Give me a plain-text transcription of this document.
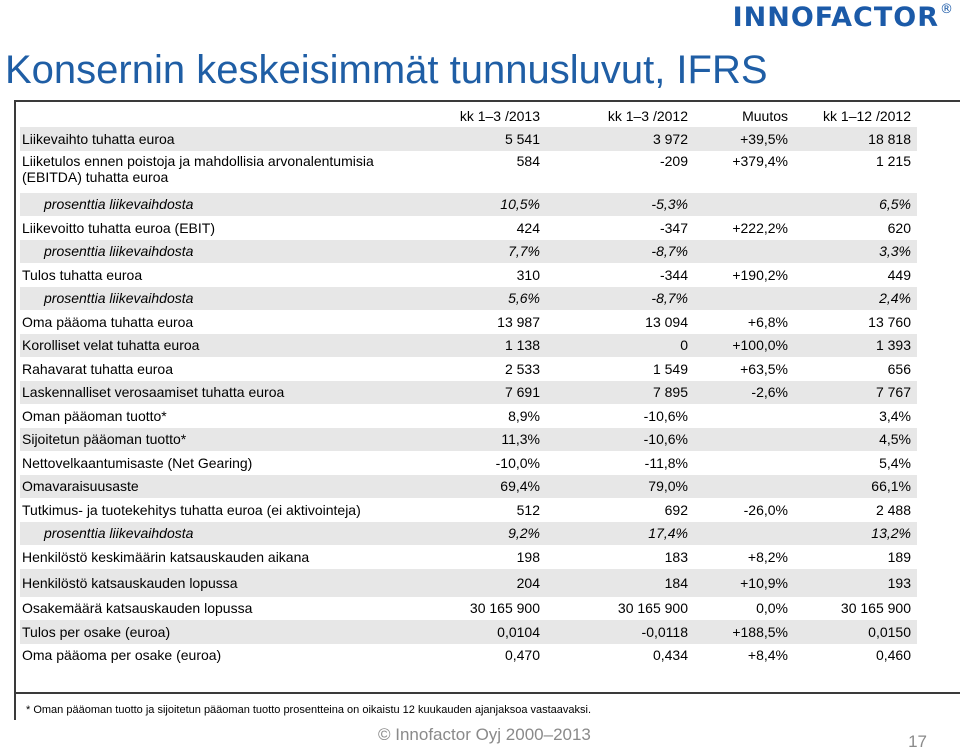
INNOFACTOR ®
Konsernin keskeisimmät tunnusluvut, IFRS
	kk 1–3 /2013	kk 1–3 /2012	Muutos	kk 1–12 /2012
Liikevaihto tuhatta euroa	5 541	3 972	+39,5%	18 818
Liiketulos ennen poistoja ja mahdollisia arvonalentumisia (EBITDA) tuhatta euroa	584	-209	+379,4%	1 215
prosenttia liikevaihdosta	10,5%	-5,3%		6,5%
Liikevoitto tuhatta euroa (EBIT)	424	-347	+222,2%	620
prosenttia liikevaihdosta	7,7%	-8,7%		3,3%
Tulos tuhatta euroa	310	-344	+190,2%	449
prosenttia liikevaihdosta	5,6%	-8,7%		2,4%
Oma pääoma tuhatta euroa	13 987	13 094	+6,8%	13 760
Korolliset velat tuhatta euroa	1 138	0	+100,0%	1 393
Rahavarat tuhatta euroa	2 533	1 549	+63,5%	656
Laskennalliset verosaamiset tuhatta euroa	7 691	7 895	-2,6%	7 767
Oman pääoman tuotto*	8,9%	-10,6%		3,4%
Sijoitetun pääoman tuotto*	11,3%	-10,6%		4,5%
Nettovelkaantumisaste (Net Gearing)	-10,0%	-11,8%		5,4%
Omavaraisuusaste	69,4%	79,0%		66,1%
Tutkimus- ja tuotekehitys tuhatta euroa (ei aktivointeja)	512	692	-26,0%	2 488
prosenttia liikevaihdosta	9,2%	17,4%		13,2%
Henkilöstö keskimäärin katsauskauden aikana	198	183	+8,2%	189
Henkilöstö katsauskauden lopussa	204	184	+10,9%	193
Osakemäärä katsauskauden lopussa	30 165 900	30 165 900	0,0%	30 165 900
Tulos per osake (euroa)	0,0104	-0,0118	+188,5%	0,0150
Oma pääoma per osake (euroa)	0,470	0,434	+8,4%	0,460
* Oman pääoman tuotto ja sijoitetun pääoman tuotto prosentteina on oikaistu 12 kuukauden ajanjaksoa vastaavaksi.
© Innofactor Oyj 2000–2013	17
